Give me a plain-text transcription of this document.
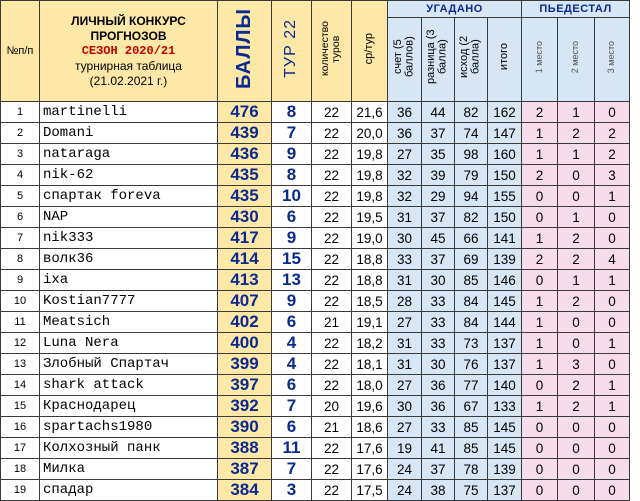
№п/п	ЛИЧНЫЙ КОНКУРС
ПРОГНОЗОВ
СЕЗОН 2020/21
турнирная таблица
(21.02.2021 г.)	БАЛЛЫ	ТУР 22	количество туров	ср/тур	УГАДАНО				ПЬЕДЕСТАЛ		
						счет (5 баллов)	разница (3 балла)	исход (2 балла)	итого	1 место	2 место	3 место
1	martinelli	476	8	22	21,6	36	44	82	162	2	1	0
2	Domani	439	7	22	20,0	36	37	74	147	1	2	2
3	nataraga	436	9	22	19,8	27	35	98	160	1	1	2
4	nik-62	435	8	22	19,8	32	39	79	150	2	0	3
5	спартак foreva	435	10	22	19,8	32	29	94	155	0	0	1
6	NAP	430	6	22	19,5	31	37	82	150	0	1	0
7	nik333	417	9	22	19,0	30	45	66	141	1	2	0
8	волк36	414	15	22	18,8	33	37	69	139	2	2	4
9	ixa	413	13	22	18,8	31	30	85	146	0	1	1
10	Kostian7777	407	9	22	18,5	28	33	84	145	1	2	0
11	Meatsich	402	6	21	19,1	27	33	84	144	1	0	0
12	Luna Nera	400	4	22	18,2	31	33	73	137	1	0	1
13	Злобный Спартач	399	4	22	18,1	31	30	76	137	1	3	0
14	shark attack	397	6	22	18,0	27	36	77	140	0	2	1
15	Краснодарец	392	7	20	19,6	30	36	67	133	1	2	1
16	spartachs1980	390	6	21	18,6	27	33	85	145	0	0	0
17	Колхозный панк	388	11	22	17,6	19	41	85	145	0	0	0
18	Милка	387	7	22	17,6	24	37	78	139	0	0	0
19	спадар	384	3	22	17,5	24	38	75	137	0	0	0
